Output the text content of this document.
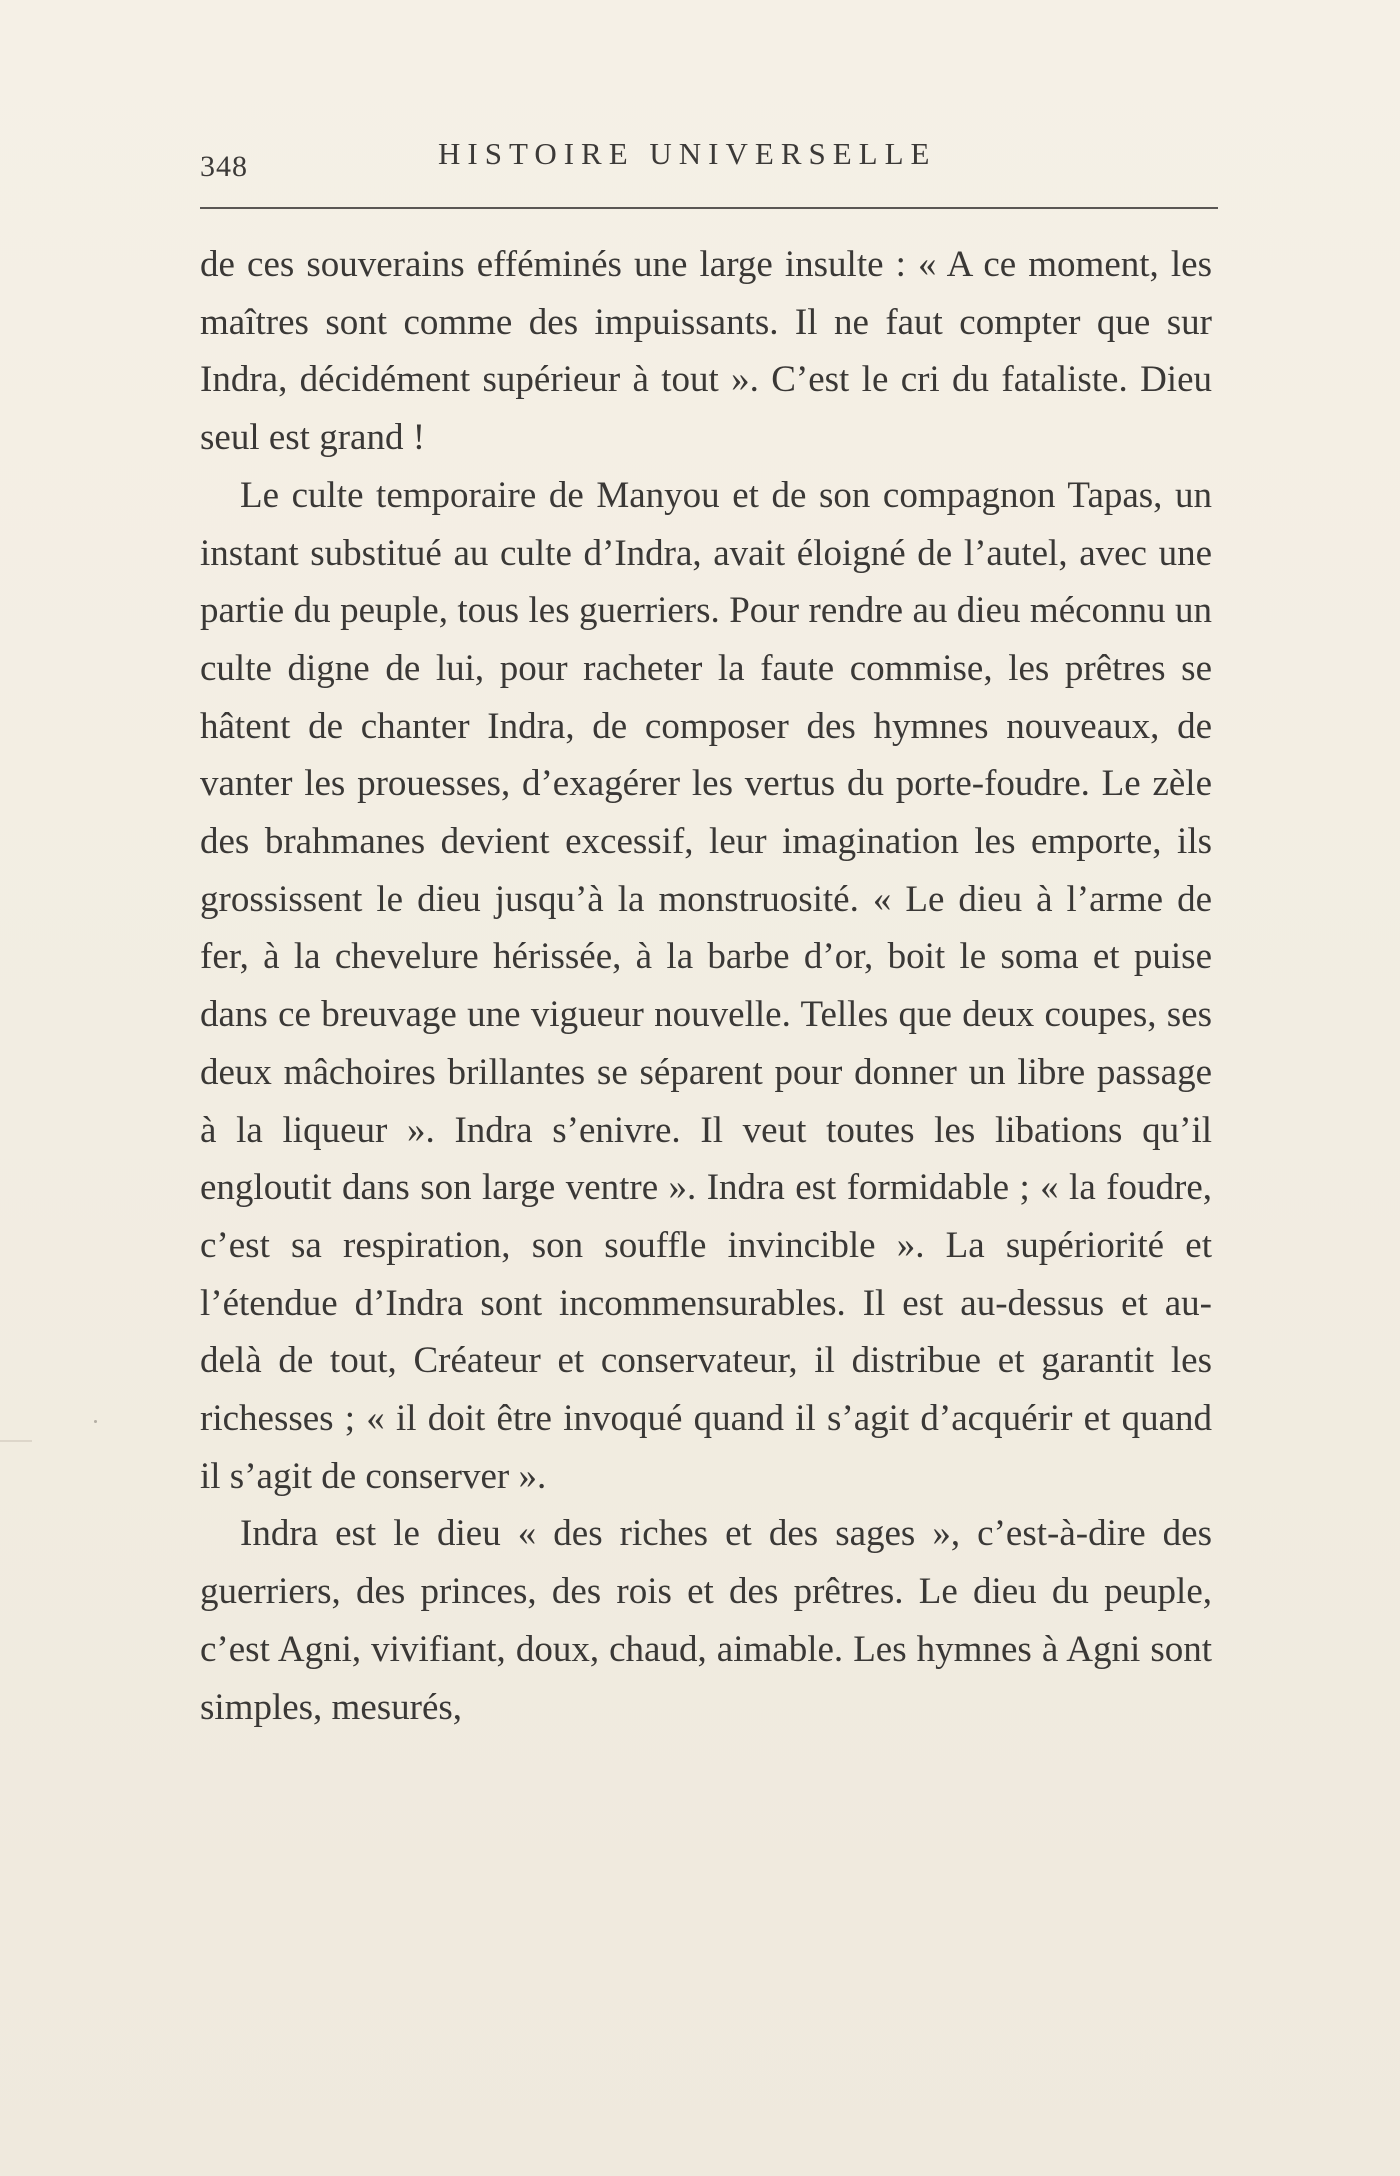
348	HISTOIRE UNIVERSELLE

de ces souverains efféminés une large insulte : « A ce moment, les maîtres sont comme des impuissants. Il ne faut compter que sur Indra, décidément supérieur à tout ». C’est le cri du fataliste. Dieu seul est grand !

Le culte temporaire de Manyou et de son compagnon Tapas, un instant substitué au culte d’Indra, avait éloigné de l’autel, avec une partie du peuple, tous les guerriers. Pour rendre au dieu méconnu un culte digne de lui, pour racheter la faute commise, les prêtres se hâtent de chanter Indra, de composer des hymnes nouveaux, de vanter les prouesses, d’exagérer les vertus du porte-foudre. Le zèle des brahmanes devient excessif, leur imagination les emporte, ils grossissent le dieu jusqu’à la monstruosité. « Le dieu à l’arme de fer, à la chevelure hérissée, à la barbe d’or, boit le soma et puise dans ce breuvage une vigueur nouvelle. Telles que deux coupes, ses deux mâchoires brillantes se séparent pour donner un libre passage à la liqueur ». Indra s’enivre. Il veut toutes les libations qu’il engloutit dans son large ventre ». Indra est formidable ; « la foudre, c’est sa respiration, son souffle invincible ». La supériorité et l’étendue d’Indra sont incommensurables. Il est au-dessus et au-delà de tout, Créateur et conservateur, il distribue et garantit les richesses ; « il doit être invoqué quand il s’agit d’acquérir et quand il s’agit de conserver ».

Indra est le dieu « des riches et des sages », c’est-à-dire des guerriers, des princes, des rois et des prêtres. Le dieu du peuple, c’est Agni, vivifiant, doux, chaud, aimable. Les hymnes à Agni sont simples, mesurés,
